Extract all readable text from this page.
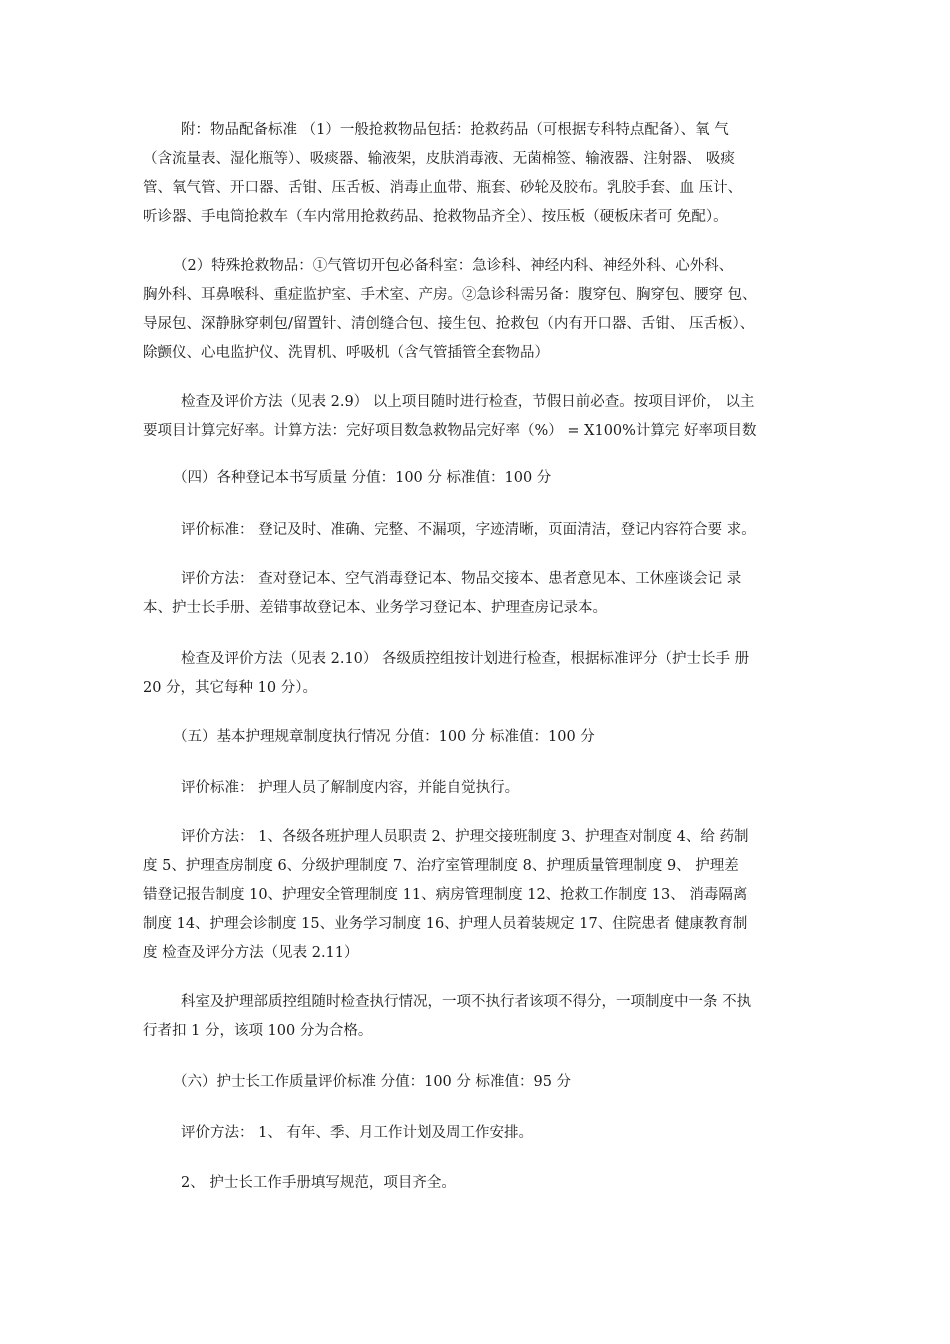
附：物品配备标准 （1）一般抢救物品包括：抢救药品（可根据专科特点配备）、氧 气
（含流量表、湿化瓶等）、吸痰器、输液架，皮肤消毒液、无菌棉签、输液器、注射器、 吸痰
管、氧气管、开口器、舌钳、压舌板、消毒止血带、瓶套、砂轮及胶布。乳胶手套、血 压计、
听诊器、手电筒抢救车（车内常用抢救药品、抢救物品齐全）、按压板（硬板床者可 免配）。

（2）特殊抢救物品：①气管切开包必备科室：急诊科、神经内科、神经外科、心外科、
胸外科、耳鼻喉科、重症监护室、手术室、产房。②急诊科需另备：腹穿包、胸穿包、腰穿 包、
导尿包、深静脉穿刺包/留置针、清创缝合包、接生包、抢救包（内有开口器、舌钳、 压舌板）、
除颤仪、心电监护仪、洗胃机、呼吸机（含气管插管全套物品）

检查及评价方法（见表 2.9） 以上项目随时进行检查，节假日前必查。按项目评价， 以主
要项目计算完好率。计算方法：完好项目数急救物品完好率（%） = X100%计算完 好率项目数

（四）各种登记本书写质量 分值：100 分 标准值：100 分

评价标准： 登记及时、准确、完整、不漏项，字迹清晰，页面清洁，登记内容符合要 求。

评价方法： 查对登记本、空气消毒登记本、物品交接本、患者意见本、工休座谈会记 录
本、护士长手册、差错事故登记本、业务学习登记本、护理查房记录本。

检查及评价方法（见表 2.10） 各级质控组按计划进行检查，根据标准评分（护士长手 册
20 分，其它每种 10 分）。

（五）基本护理规章制度执行情况 分值：100 分 标准值：100 分

评价标准： 护理人员了解制度内容，并能自觉执行。

评价方法： 1、各级各班护理人员职责 2、护理交接班制度 3、护理查对制度 4、给 药制
度 5、护理查房制度 6、分级护理制度 7、治疗室管理制度 8、护理质量管理制度 9、 护理差
错登记报告制度 10、护理安全管理制度 11、病房管理制度 12、抢救工作制度 13、 消毒隔离
制度 14、护理会诊制度 15、业务学习制度 16、护理人员着装规定 17、住院患者 健康教育制
度 检查及评分方法（见表 2.11）

科室及护理部质控组随时检查执行情况，一项不执行者该项不得分，一项制度中一条 不执
行者扣 1 分，该项 100 分为合格。

（六）护士长工作质量评价标准 分值：100 分 标准值：95 分

评价方法： 1、 有年、季、月工作计划及周工作安排。

2、 护士长工作手册填写规范，项目齐全。
